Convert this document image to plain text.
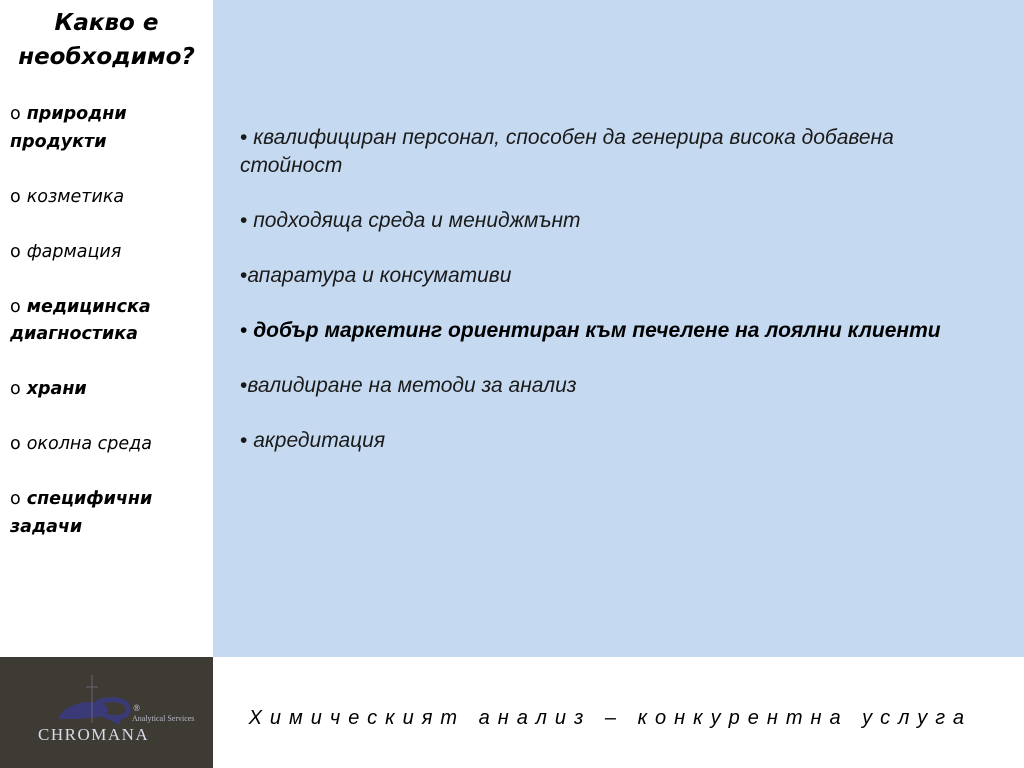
Какво е необходимо?
o природни продукти
o козметика
o фармация
o медицинска диагностика
o храни
o околна среда
o специфични задачи
• квалифициран персонал, способен да генерира висока добавена стойност
• подходяща среда и мениджмънт
•апаратура и консумативи
• добър маркетинг ориентиран към печелене на лоялни клиенти
•валидиране на методи за анализ
• акредитация
Analytical Services
CHROMANA®	Химическият анализ – конкурентна услуга
